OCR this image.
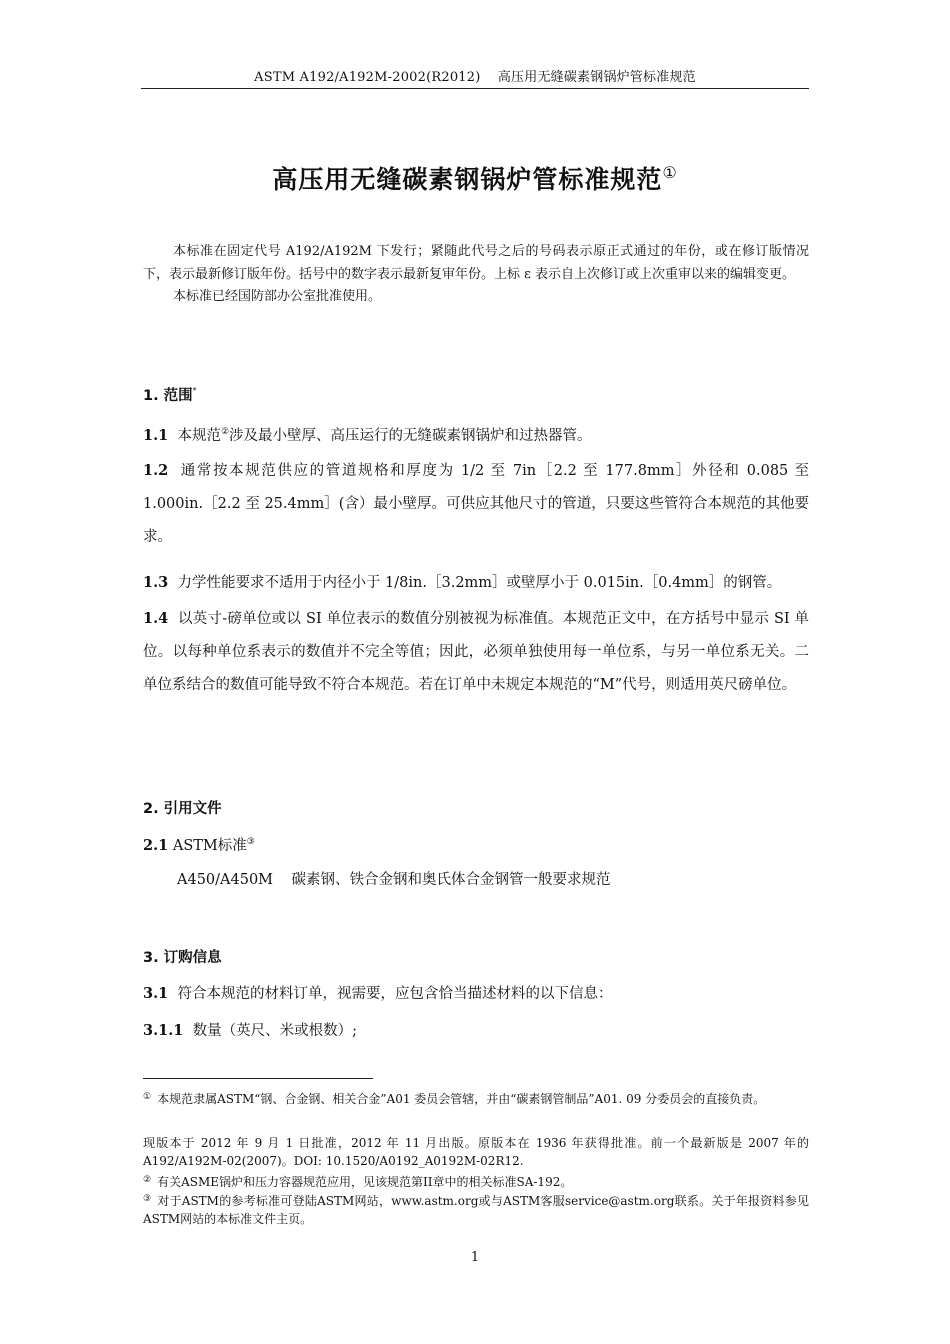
ASTM A192/A192M-2002(R2012)    高压用无缝碳素钢锅炉管标准规范
高压用无缝碳素钢锅炉管标准规范①

本标准在固定代号 A192/A192M 下发行；紧随此代号之后的号码表示原正式通过的年份，或在修订版情况下，表示最新修订版年份。括号中的数字表示最新复审年份。上标 ε 表示自上次修订或上次重审以来的编辑变更。

本标准已经国防部办公室批准使用。

1. 范围*
1.1 本规范②涉及最小壁厚、高压运行的无缝碳素钢锅炉和过热器管。
1.2 通常按本规范供应的管道规格和厚度为 1/2 至 7in［2.2 至 177.8mm］外径和 0.085 至 1.000in.［2.2 至 25.4mm］(含）最小壁厚。可供应其他尺寸的管道，只要这些管符合本规范的其他要求。
1.3 力学性能要求不适用于内径小于 1/8in.［3.2mm］或壁厚小于 0.015in.［0.4mm］的钢管。
1.4 以英寸-磅单位或以 SI 单位表示的数值分别被视为标准值。本规范正文中，在方括号中显示 SI 单位。以每种单位系表示的数值并不完全等值；因此，必须单独使用每一单位系，与另一单位系无关。二单位系结合的数值可能导致不符合本规范。若在订单中未规定本规范的“M”代号，则适用英尺磅单位。
2. 引用文件
2.1 ASTM标准③
A450/A450M 碳素钢、铁合金钢和奥氏体合金钢管一般要求规范
3. 订购信息
3.1 符合本规范的材料订单，视需要，应包含恰当描述材料的以下信息：
3.1.1 数量（英尺、米或根数）;
① 本规范隶属ASTM“钢、合金钢、相关合金”A01 委员会管辖，并由“碳素钢管制品”A01. 09 分委员会的直接负责。
现版本于 2012 年 9 月 1 日批准，2012 年 11 月出版。原版本在 1936 年获得批准。前一个最新版是 2007 年的 A192/A192M-02(2007)。DOI: 10.1520/A0192_A0192M-02R12.
② 有关ASME锅炉和压力容器规范应用，见该规范第II章中的相关标准SA-192。
③ 对于ASTM的参考标准可登陆ASTM网站，www.astm.org或与ASTM客服service@astm.org联系。关于年报资料参见ASTM网站的本标准文件主页。
1
